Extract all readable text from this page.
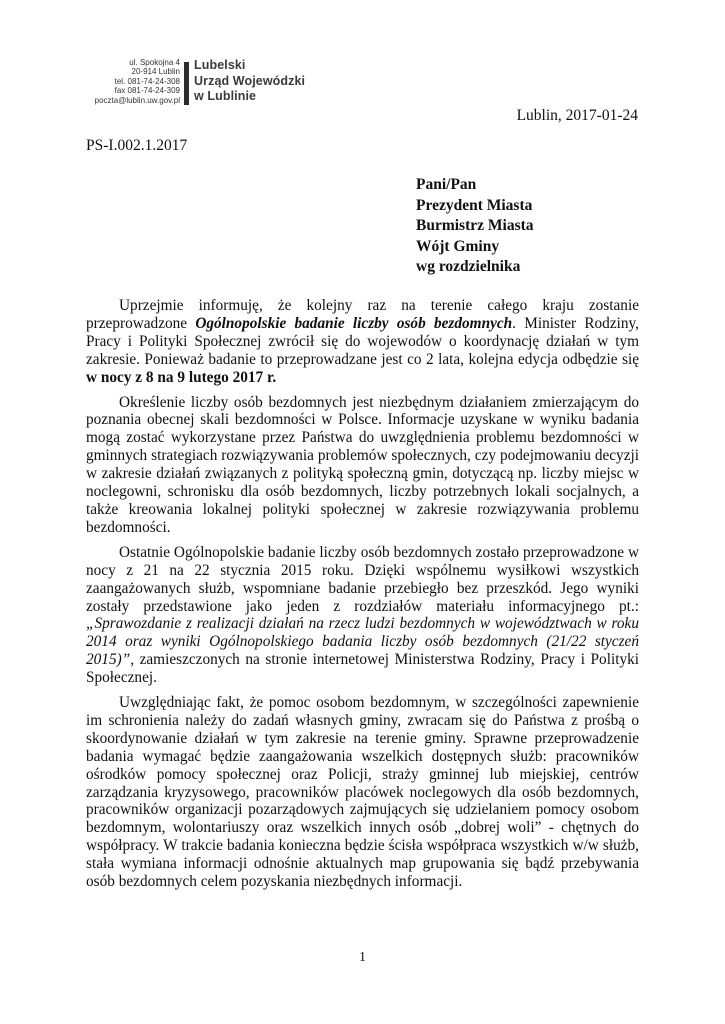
ul. Spokojna 4
20-914 Lublin
tel. 081-74-24-308
fax 081-74-24-309
poczta@lublin.uw.gov.pl
Lubelski
Urząd Wojewódzki
w Lublinie
Lublin, 2017-01-24
PS-I.002.1.2017
Pani/Pan
Prezydent Miasta
Burmistrz Miasta
Wójt Gminy
wg rozdzielnika

Uprzejmie informuję, że kolejny raz na terenie całego kraju zostanie przeprowadzone Ogólnopolskie badanie liczby osób bezdomnych. Minister Rodziny, Pracy i Polityki Społecznej zwrócił się do wojewodów o koordynację działań w tym zakresie. Ponieważ badanie to przeprowadzane jest co 2 lata, kolejna edycja odbędzie się w nocy z 8 na 9 lutego 2017 r.

Określenie liczby osób bezdomnych jest niezbędnym działaniem zmierzającym do poznania obecnej skali bezdomności w Polsce. Informacje uzyskane w wyniku badania mogą zostać wykorzystane przez Państwa do uwzględnienia problemu bezdomności w gminnych strategiach rozwiązywania problemów społecznych, czy podejmowaniu decyzji w zakresie działań związanych z polityką społeczną gmin, dotyczącą np. liczby miejsc w noclegowni, schronisku dla osób bezdomnych, liczby potrzebnych lokali socjalnych, a także kreowania lokalnej polityki społecznej w zakresie rozwiązywania problemu bezdomności.

Ostatnie Ogólnopolskie badanie liczby osób bezdomnych zostało przeprowadzone w nocy z 21 na 22 stycznia 2015 roku. Dzięki wspólnemu wysiłkowi wszystkich zaangażowanych służb, wspomniane badanie przebiegło bez przeszkód. Jego wyniki zostały przedstawione jako jeden z rozdziałów materiału informacyjnego pt.: „Sprawozdanie z realizacji działań na rzecz ludzi bezdomnych w województwach w roku 2014 oraz wyniki Ogólnopolskiego badania liczby osób bezdomnych (21/22 styczeń 2015)”, zamieszczonych na stronie internetowej Ministerstwa Rodziny, Pracy i Polityki Społecznej.

Uwzględniając fakt, że pomoc osobom bezdomnym, w szczególności zapewnienie im schronienia należy do zadań własnych gminy, zwracam się do Państwa z prośbą o skoordynowanie działań w tym zakresie na terenie gminy. Sprawne przeprowadzenie badania wymagać będzie zaangażowania wszelkich dostępnych służb: pracowników ośrodków pomocy społecznej oraz Policji, straży gminnej lub miejskiej, centrów zarządzania kryzysowego, pracowników placówek noclegowych dla osób bezdomnych, pracowników organizacji pozarządowych zajmujących się udzielaniem pomocy osobom bezdomnym, wolontariuszy oraz wszelkich innych osób „dobrej woli” - chętnych do współpracy. W trakcie badania konieczna będzie ścisła współpraca wszystkich w/w służb, stała wymiana informacji odnośnie aktualnych map grupowania się bądź przebywania osób bezdomnych celem pozyskania niezbędnych informacji.

1
